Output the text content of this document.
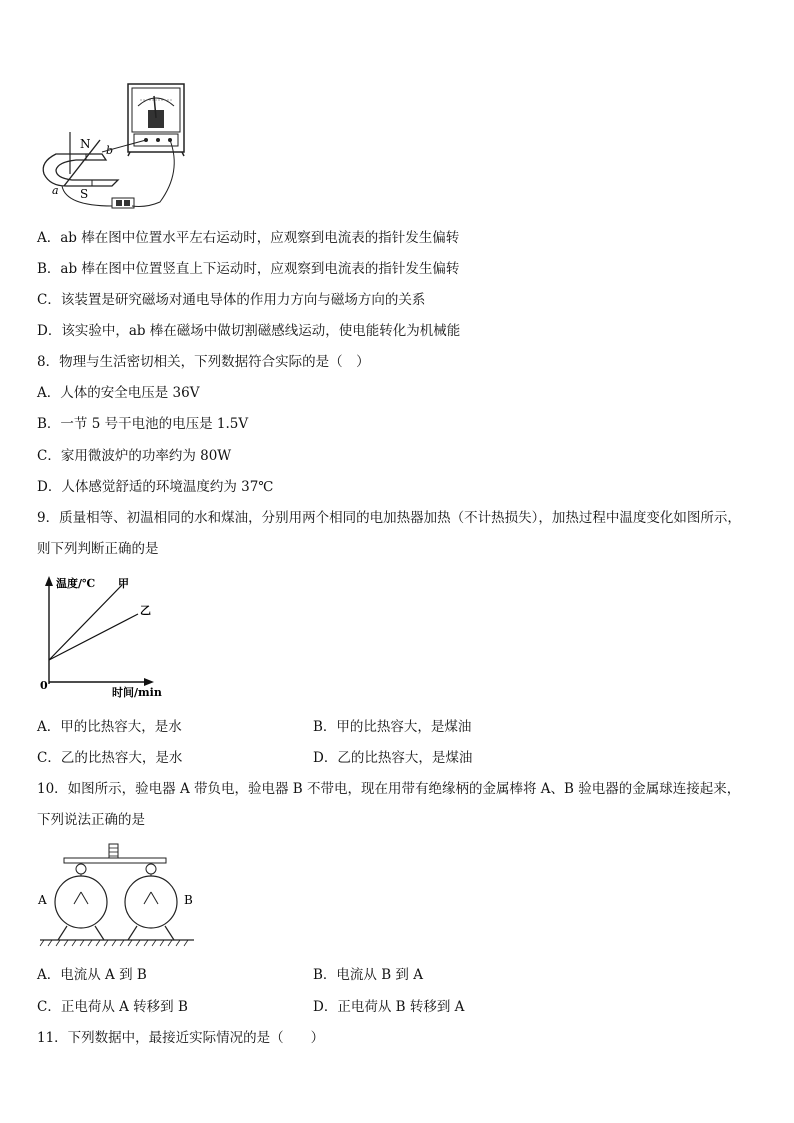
N b
a S
A．ab 棒在图中位置水平左右运动时，应观察到电流表的指针发生偏转
B．ab 棒在图中位置竖直上下运动时，应观察到电流表的指针发生偏转
C．该装置是研究磁场对通电导体的作用力方向与磁场方向的关系
D．该实验中，ab 棒在磁场中做切割磁感线运动，使电能转化为机械能
8．物理与生活密切相关，下列数据符合实际的是（　）
A．人体的安全电压是 36V
B．一节 5 号干电池的电压是 1.5V
C．家用微波炉的功率约为 80W
D．人体感觉舒适的环境温度约为 37℃
9．质量相等、初温相同的水和煤油，分别用两个相同的电加热器加热（不计热损失），加热过程中温度变化如图所示，
则下列判断正确的是
温度/℃ 甲
乙
0
时间/min
A．甲的比热容大，是水	B．甲的比热容大，是煤油
C．乙的比热容大，是水	D．乙的比热容大，是煤油
10．如图所示，验电器 A 带负电，验电器 B 不带电，现在用带有绝缘柄的金属棒将 A、B 验电器的金属球连接起来，
下列说法正确的是
A	B
A．电流从 A 到 B	B．电流从 B 到 A
C．正电荷从 A 转移到 B	D．正电荷从 B 转移到 A
11．下列数据中，最接近实际情况的是（　　）
